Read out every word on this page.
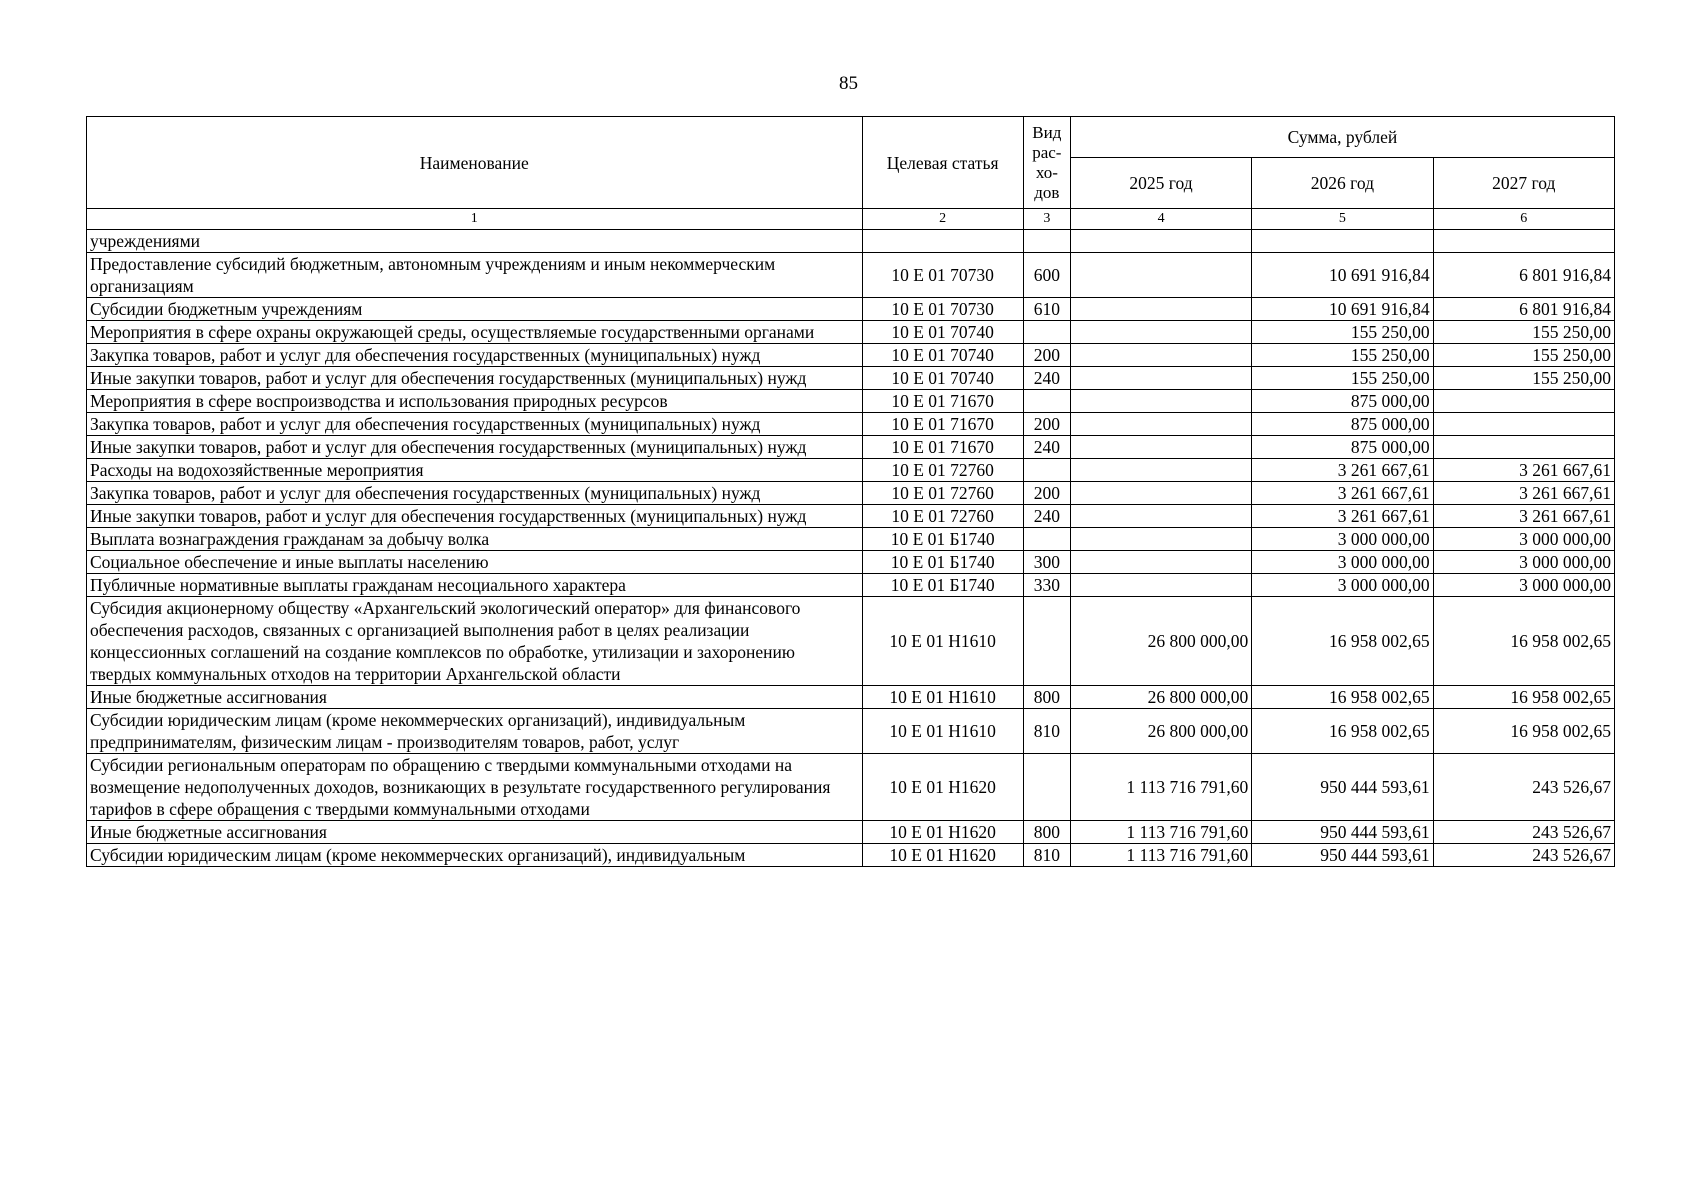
85
Наименование	Целевая статья	Вид рас- хо- дов	Сумма, рублей		
			2025 год	2026 год	2027 год
1	2	3	4	5	6
учреждениями					
Предоставление субсидий бюджетным, автономным учреждениям и иным некоммерческим организациям	10 Е 01 70730	600		10 691 916,84	6 801 916,84
Субсидии бюджетным учреждениям	10 Е 01 70730	610		10 691 916,84	6 801 916,84
Мероприятия в сфере охраны окружающей среды, осуществляемые государственными органами	10 Е 01 70740			155 250,00	155 250,00
Закупка товаров, работ и услуг для обеспечения государственных (муниципальных) нужд	10 Е 01 70740	200		155 250,00	155 250,00
Иные закупки товаров, работ и услуг для обеспечения государственных (муниципальных) нужд	10 Е 01 70740	240		155 250,00	155 250,00
Мероприятия в сфере воспроизводства и использования природных ресурсов	10 Е 01 71670			875 000,00	
Закупка товаров, работ и услуг для обеспечения государственных (муниципальных) нужд	10 Е 01 71670	200		875 000,00	
Иные закупки товаров, работ и услуг для обеспечения государственных (муниципальных) нужд	10 Е 01 71670	240		875 000,00	
Расходы на водохозяйственные мероприятия	10 Е 01 72760			3 261 667,61	3 261 667,61
Закупка товаров, работ и услуг для обеспечения государственных (муниципальных) нужд	10 Е 01 72760	200		3 261 667,61	3 261 667,61
Иные закупки товаров, работ и услуг для обеспечения государственных (муниципальных) нужд	10 Е 01 72760	240		3 261 667,61	3 261 667,61
Выплата вознаграждения гражданам за добычу волка	10 Е 01 Б1740			3 000 000,00	3 000 000,00
Социальное обеспечение и иные выплаты населению	10 Е 01 Б1740	300		3 000 000,00	3 000 000,00
Публичные нормативные выплаты гражданам несоциального характера	10 Е 01 Б1740	330		3 000 000,00	3 000 000,00
Субсидия акционерному обществу «Архангельский экологический оператор» для финансового обеспечения расходов, связанных с организацией выполнения работ в целях реализации концессионных соглашений на создание комплексов по обработке, утилизации и захоронению твердых коммунальных отходов на территории Архангельской области	10 Е 01 Н1610		26 800 000,00	16 958 002,65	16 958 002,65
Иные бюджетные ассигнования	10 Е 01 Н1610	800	26 800 000,00	16 958 002,65	16 958 002,65
Субсидии юридическим лицам (кроме некоммерческих организаций), индивидуальным предпринимателям, физическим лицам - производителям товаров, работ, услуг	10 Е 01 Н1610	810	26 800 000,00	16 958 002,65	16 958 002,65
Субсидии региональным операторам по обращению с твердыми коммунальными отходами на возмещение недополученных доходов, возникающих в результате государственного регулирования тарифов в сфере обращения с твердыми коммунальными отходами	10 Е 01 Н1620		1 113 716 791,60	950 444 593,61	243 526,67
Иные бюджетные ассигнования	10 Е 01 Н1620	800	1 113 716 791,60	950 444 593,61	243 526,67
Субсидии юридическим лицам (кроме некоммерческих организаций), индивидуальным	10 Е 01 Н1620	810	1 113 716 791,60	950 444 593,61	243 526,67
